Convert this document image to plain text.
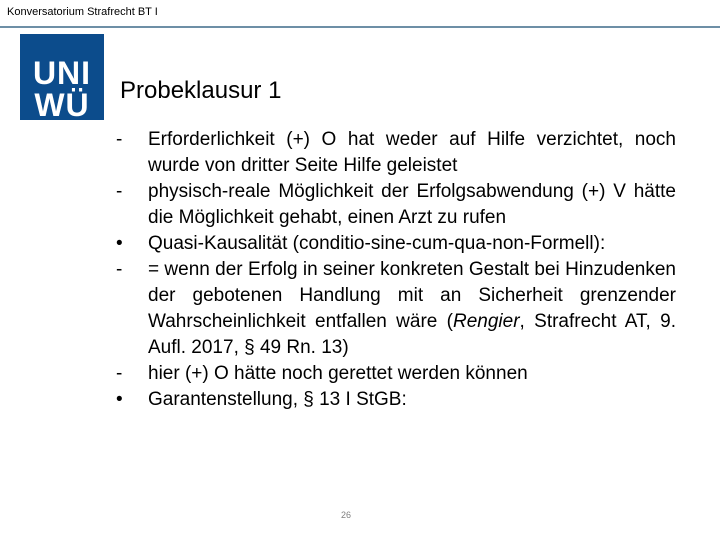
Konversatorium Strafrecht BT I
UNI
WÜ	Probeklausur 1
-	Erforderlichkeit (+) O hat weder auf Hilfe verzichtet, noch wurde von dritter Seite Hilfe geleistet
-	physisch-reale Möglichkeit der Erfolgsabwendung (+) V hätte die Möglichkeit gehabt, einen Arzt zu rufen
•	Quasi-Kausalität (conditio-sine-cum-qua-non-Formell):
-	= wenn der Erfolg in seiner konkreten Gestalt bei Hinzudenken der gebotenen Handlung mit an Sicherheit grenzender Wahrscheinlichkeit entfallen wäre (Rengier, Strafrecht AT, 9. Aufl. 2017, § 49 Rn. 13)
-	hier (+) O hätte noch gerettet werden können
•	Garantenstellung, § 13 I StGB:
26
